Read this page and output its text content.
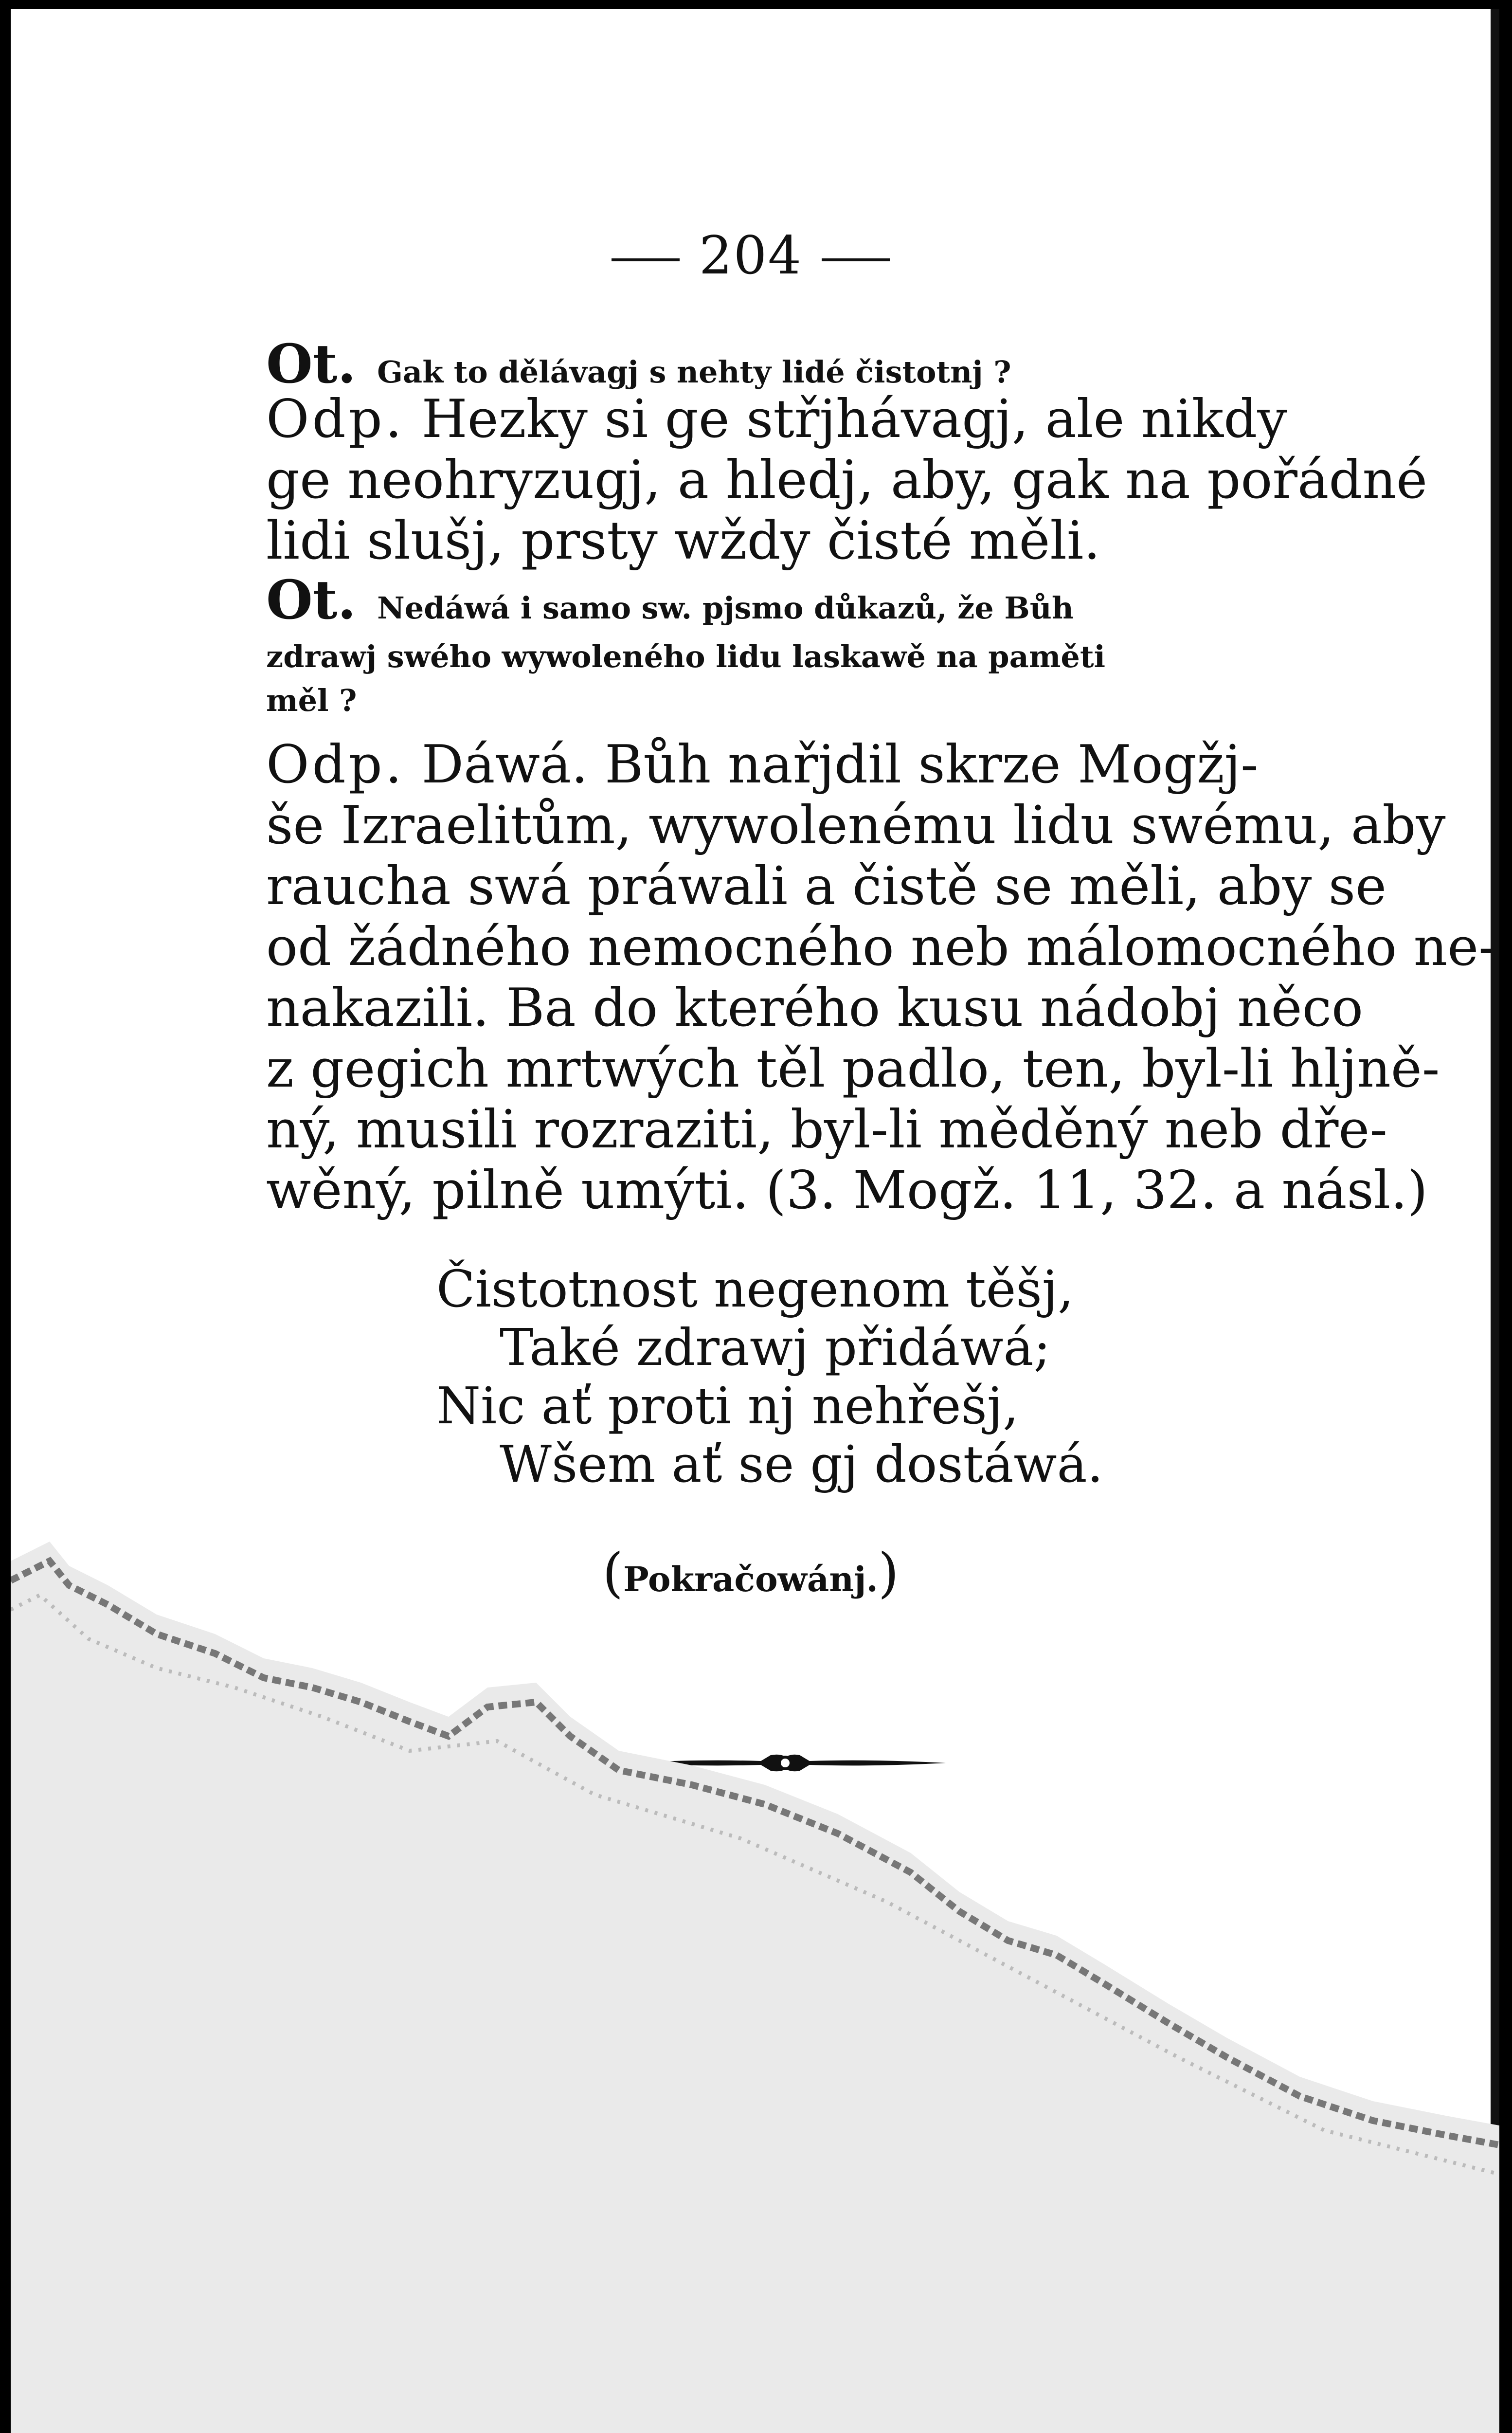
204
Ot. Gak to dělávagj s nehty lidé čistotnj ?
Odp. Hezky si ge střjhávagj, ale nikdy
ge neohryzugj, a hledj, aby, gak na pořádné
lidi slušj, prsty wždy čisté měli.
Ot. Nedáwá i samo sw. pjsmo důkazů, že Bůh
zdrawj swého wywoleného lidu laskawě na paměti
měl ?
Odp. Dáwá. Bůh nařjdil skrze Mogžj-
še Izraelitům, wywolenému lidu swému, aby
raucha swá práwali a čistě se měli, aby se
od žádného nemocného neb málomocného ne-
nakazili. Ba do kterého kusu nádobj něco
z gegich mrtwých těl padlo, ten, byl-li hljně-
ný, musili rozraziti, byl-li měděný neb dře-
wěný, pilně umýti. (3. Mogž. 11, 32. a násl.)
Čistotnost negenom těšj,
Také zdrawj přidáwá;
Nic ať proti nj nehřešj,
Wšem ať se gj dostáwá.
(Pokračowánj.)
